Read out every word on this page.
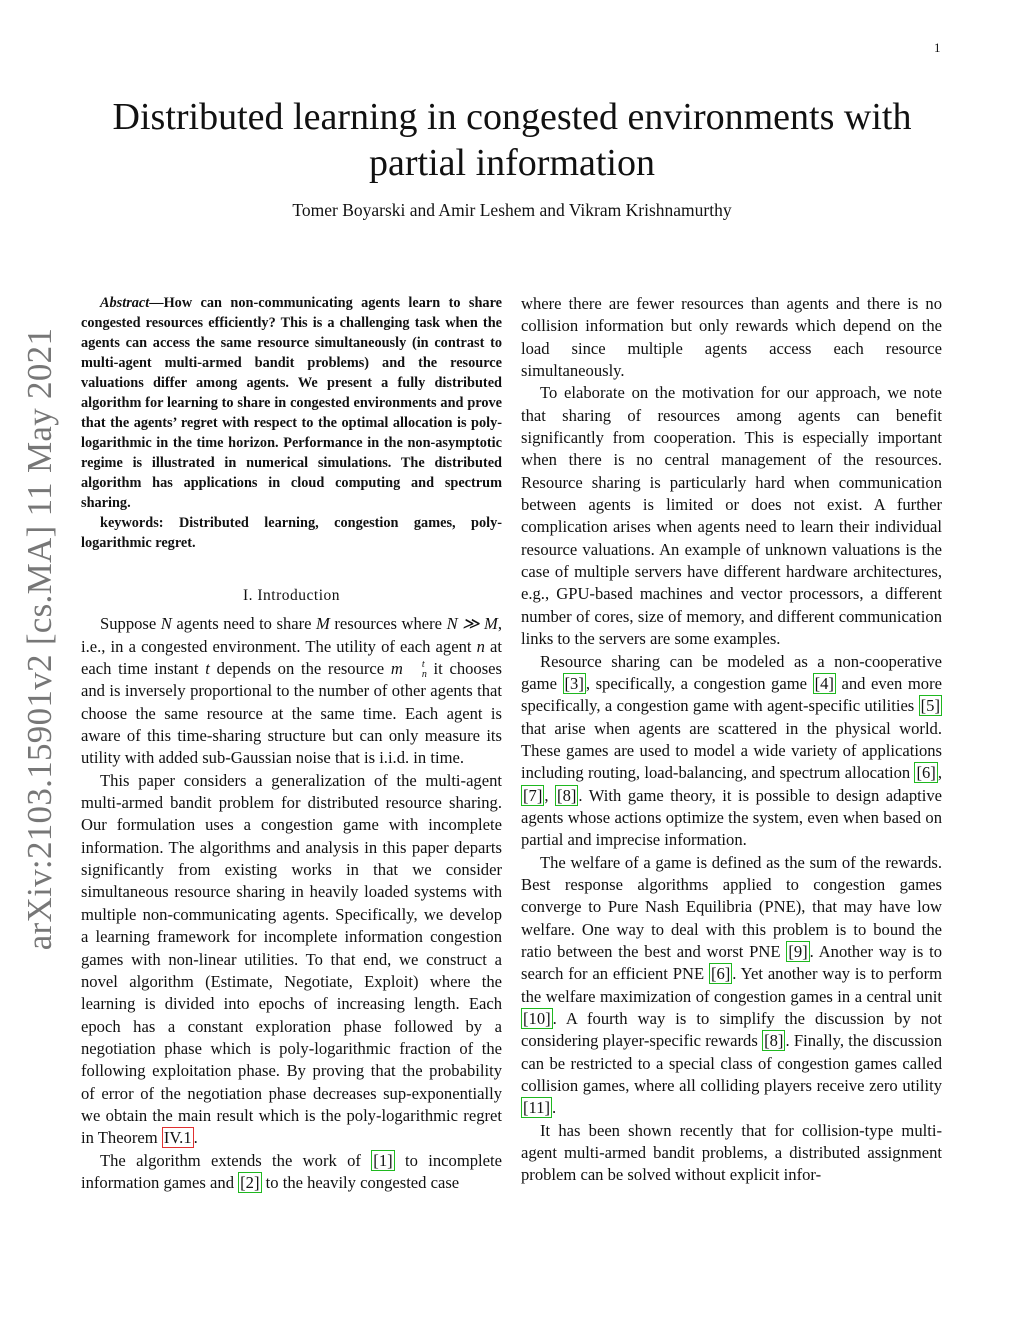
1
Distributed learning in congested environments with partial information
Tomer Boyarski and Amir Leshem and Vikram Krishnamurthy
arXiv:2103.15901v2 [cs.MA] 11 May 2021

Abstract—How can non-communicating agents learn to share congested resources efficiently? This is a challenging task when the agents can access the same resource simultaneously (in contrast to multi-agent multi-armed bandit problems) and the resource valuations differ among agents. We present a fully distributed algorithm for learning to share in congested environments and prove that the agents’ regret with respect to the optimal allocation is poly-logarithmic in the time horizon. Performance in the non-asymptotic regime is illustrated in numerical simulations. The distributed algorithm has applications in cloud computing and spectrum sharing.

keywords: Distributed learning, congestion games, poly-logarithmic regret.

I. Introduction

Suppose N agents need to share M resources where N ≫ M, i.e., in a congested environment. The utility of each agent n at each time instant t depends on the resource m	t
n it chooses and is inversely proportional to the number of other agents that choose the same resource at the same time. Each agent is aware of this time-sharing structure but can only measure its utility with added sub-Gaussian noise that is i.i.d. in time.

This paper considers a generalization of the multi-agent multi-armed bandit problem for distributed resource sharing. Our formulation uses a congestion game with incomplete information. The algorithms and analysis in this paper departs significantly from existing works in that we consider simultaneous resource sharing in heavily loaded systems with multiple non-communicating agents. Specifically, we develop a learning framework for incomplete information congestion games with non-linear utilities. To that end, we construct a novel algorithm (Estimate, Negotiate, Exploit) where the learning is divided into epochs of increasing length. Each epoch has a constant exploration phase followed by a negotiation phase which is poly-logarithmic fraction of the following exploitation phase. By proving that the probability of error of the negotiation phase decreases sup-exponentially we obtain the main result which is the poly-logarithmic regret in Theorem IV.1 .

The algorithm extends the work of [1] to incomplete information games and [2] to the heavily congested case

where there are fewer resources than agents and there is no collision information but only rewards which depend on the load since multiple agents access each resource simultaneously.

To elaborate on the motivation for our approach, we note that sharing of resources among agents can benefit significantly from cooperation. This is especially important when there is no central management of the resources. Resource sharing is particularly hard when communication between agents is limited or does not exist. A further complication arises when agents need to learn their individual resource valuations. An example of unknown valuations is the case of multiple servers have different hardware architectures, e.g., GPU-based machines and vector processors, a different number of cores, size of memory, and different communication links to the servers are some examples.

Resource sharing can be modeled as a non-cooperative game [3] , specifically, a congestion game [4] and even more specifically, a congestion game with agent-specific utilities [5] that arise when agents are scattered in the physical world. These games are used to model a wide variety of applications including routing, load-balancing, and spectrum allocation [6] , [7] , [8] . With game theory, it is possible to design adaptive agents whose actions optimize the system, even when based on partial and imprecise information.

The welfare of a game is defined as the sum of the rewards. Best response algorithms applied to congestion games converge to Pure Nash Equilibria (PNE), that may have low welfare. One way to deal with this problem is to bound the ratio between the best and worst PNE [9] . Another way is to search for an efficient PNE [6] . Yet another way is to perform the welfare maximization of congestion games in a central unit [10] . A fourth way is to simplify the discussion by not considering player-specific rewards [8] . Finally, the discussion can be restricted to a special class of congestion games called collision games, where all colliding players receive zero utility [11] .

It has been shown recently that for collision-type multi-agent multi-armed bandit problems, a distributed assignment problem can be solved without explicit infor-
